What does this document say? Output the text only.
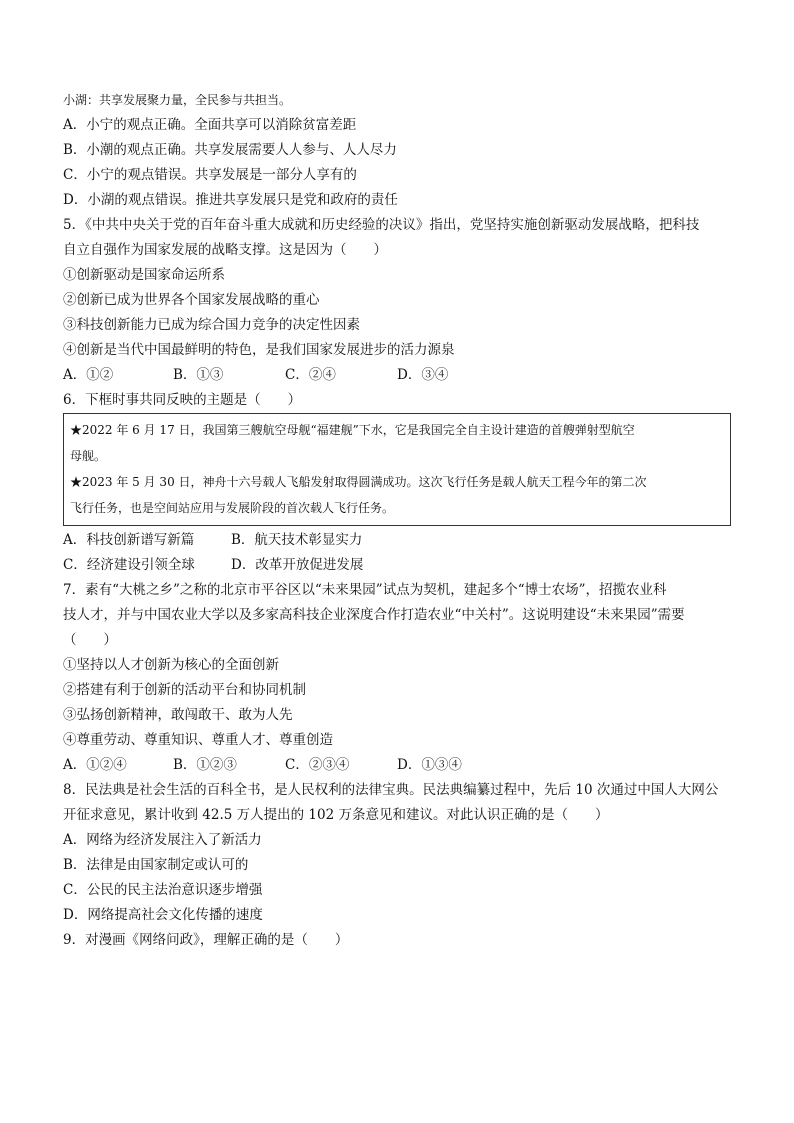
小湖：共享发展聚力量，全民参与共担当。
A．小宁的观点正确。全面共享可以消除贫富差距
B．小潮的观点正确。共享发展需要人人参与、人人尽力
C．小宁的观点错误。共享发展是一部分人享有的
D．小湖的观点错误。推进共享发展只是党和政府的责任
5．《中共中央关于党的百年奋斗重大成就和历史经验的决议》指出，党坚持实施创新驱动发展战略，把科技
自立自强作为国家发展的战略支撑。这是因为（　　）
①创新驱动是国家命运所系
②创新已成为世界各个国家发展战略的重心
③科技创新能力已成为综合国力竞争的决定性因素
④创新是当代中国最鲜明的特色，是我们国家发展进步的活力源泉
A．①②	B．①③	C．②④	D．③④
6．下框时事共同反映的主题是（　　）
★2022 年 6 月 17 日，我国第三艘航空母舰“福建舰”下水，它是我国完全自主设计建造的首艘弹射型航空
母舰。
★2023 年 5 月 30 日，神舟十六号载人飞船发射取得圆满成功。这次飞行任务是载人航天工程今年的第二次
飞行任务，也是空间站应用与发展阶段的首次载人飞行任务。
A．科技创新谱写新篇	B．航天技术彰显实力
C．经济建设引领全球	D．改革开放促进发展
7．素有“大桃之乡”之称的北京市平谷区以“未来果园”试点为契机，建起多个“博士农场”，招揽农业科
技人才，并与中国农业大学以及多家高科技企业深度合作打造农业“中关村”。这说明建设“未来果园”需要
（　　）
①坚持以人才创新为核心的全面创新
②搭建有利于创新的活动平台和协同机制
③弘扬创新精神，敢闯敢干、敢为人先
④尊重劳动、尊重知识、尊重人才、尊重创造
A．①②④	B．①②③	C．②③④	D．①③④
8．民法典是社会生活的百科全书，是人民权利的法律宝典。民法典编纂过程中，先后 10 次通过中国人大网公
开征求意见，累计收到 42.5 万人提出的 102 万条意见和建议。对此认识正确的是（　　）
A．网络为经济发展注入了新活力
B．法律是由国家制定或认可的
C．公民的民主法治意识逐步增强
D．网络提高社会文化传播的速度
9．对漫画《网络问政》，理解正确的是（　　）
